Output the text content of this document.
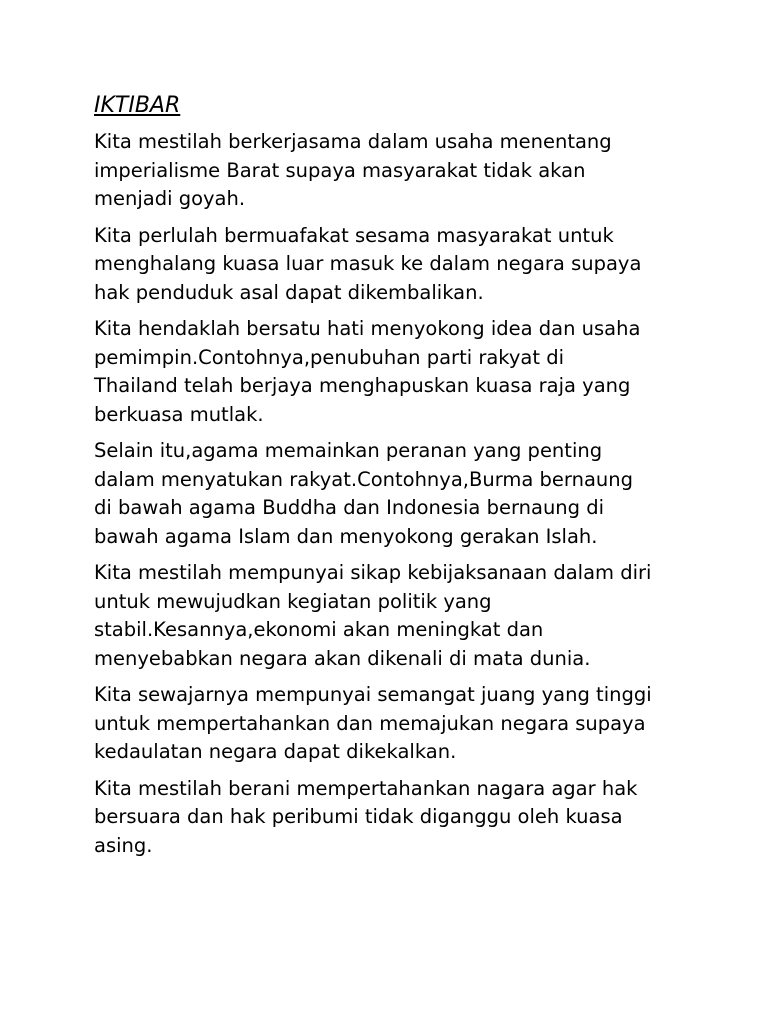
IKTIBAR
Kita mestilah berkerjasama dalam usaha menentang
imperialisme Barat supaya masyarakat tidak akan
menjadi goyah.
Kita perlulah bermuafakat sesama masyarakat untuk
menghalang kuasa luar masuk ke dalam negara supaya
hak penduduk asal dapat dikembalikan.
Kita hendaklah bersatu hati menyokong idea dan usaha
pemimpin.Contohnya,penubuhan parti rakyat di
Thailand telah berjaya menghapuskan kuasa raja yang
berkuasa mutlak.
Selain itu,agama memainkan peranan yang penting
dalam menyatukan rakyat.Contohnya,Burma bernaung
di bawah agama Buddha dan Indonesia bernaung di
bawah agama Islam dan menyokong gerakan Islah.
Kita mestilah mempunyai sikap kebijaksanaan dalam diri
untuk mewujudkan kegiatan politik yang
stabil.Kesannya,ekonomi akan meningkat dan
menyebabkan negara akan dikenali di mata dunia.
Kita sewajarnya mempunyai semangat juang yang tinggi
untuk mempertahankan dan memajukan negara supaya
kedaulatan negara dapat dikekalkan.
Kita mestilah berani mempertahankan nagara agar hak
bersuara dan hak peribumi tidak diganggu oleh kuasa
asing.
